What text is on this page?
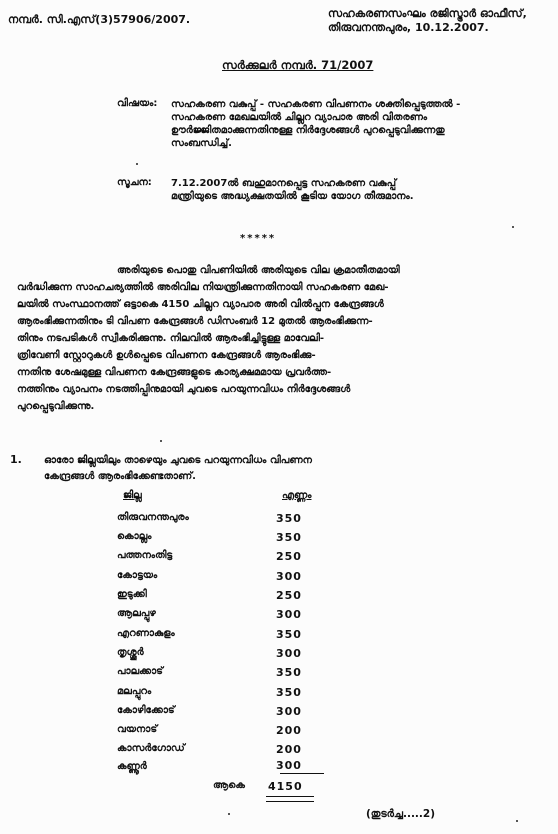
നമ്പർ. സി.എസ്(3)57906/2007.	സഹകരണസംഘം രജിസ്ട്രാർ ഓഫീസ്,
തിരുവനന്തപുരം, 10.12.2007.
സർക്കുലർ നമ്പർ. 71/2007
വിഷയം: സഹകരണ വകുപ്പ് - സഹകരണ വിപണനം ശക്തിപ്പെടുത്തൽ -
സഹകരണ മേഖലയിൽ ചില്ലറ വ്യാപാര അരി വിതരണം
ഊർജ്ജിതമാക്കുന്നതിനുള്ള നിർദ്ദേശങ്ങൾ പുറപ്പെടുവിക്കുന്നതു
സംബന്ധിച്ച്.
സൂചന: 7.12.2007ൽ ബഹുമാനപ്പെട്ട സഹകരണ വകുപ്പ്
മന്ത്രിയുടെ അദ്ധ്യക്ഷതയിൽ കൂടിയ യോഗ തീരുമാനം.
*****
അരിയുടെ പൊതു വിപണിയിൽ അരിയുടെ വില ക്രമാതീതമായി
വർദ്ധിക്കുന്ന സാഹചര്യത്തിൽ അരിവില നിയന്ത്രിക്കുന്നതിനായി സഹകരണ മേഖ-
ലയിൽ സംസ്ഥാനത്ത് ഒട്ടാകെ 4150 ചില്ലറ വ്യാപാര അരി വിൽപ്പന കേന്ദ്രങ്ങൾ
ആരംഭിക്കുന്നതിനും ടി വിപണ കേന്ദ്രങ്ങൾ ഡിസംബർ 12 മുതൽ ആരംഭിക്കുന്ന-
തിനും നടപടികൾ സ്വീകരിക്കുന്നു. നിലവിൽ ആരംഭിച്ചിട്ടുള്ള മാവേലി-
ത്രിവേണി സ്റ്റോറുകൾ ഉൾപ്പെടെ വിപണന കേന്ദ്രങ്ങൾ ആരംഭിക്കു-
ന്നതിനു ശേഷമുള്ള വിപണന കേന്ദ്രങ്ങളുടെ കാര്യക്ഷമമായ പ്രവർത്ത-
നത്തിനും വ്യാപനം നടത്തിപ്പിനുമായി ചുവടെ പറയുന്നവിധം നിർദ്ദേശങ്ങൾ
പുറപ്പെടുവിക്കുന്നു.
1. ഓരോ ജില്ലയിലും താഴെയും ചുവടെ പറയുന്നവിധം വിപണന
കേന്ദ്രങ്ങൾ ആരംഭിക്കേണ്ടതാണ്.
ജില്ല	എണ്ണം
തിരുവനന്തപുരം	350
കൊല്ലം	350
പത്തനംതിട്ട	250
കോട്ടയം	300
ഇടുക്കി	250
ആലപ്പുഴ	300
എറണാകുളം	350
തൃശ്ശൂർ	300
പാലക്കാട്	350
മലപ്പുറം	350
കോഴിക്കോട്	300
വയനാട്	200
കാസർഗോഡ്	200
കണ്ണൂർ	300
ആകെ 4150
(തുടർച്ച.....2)
